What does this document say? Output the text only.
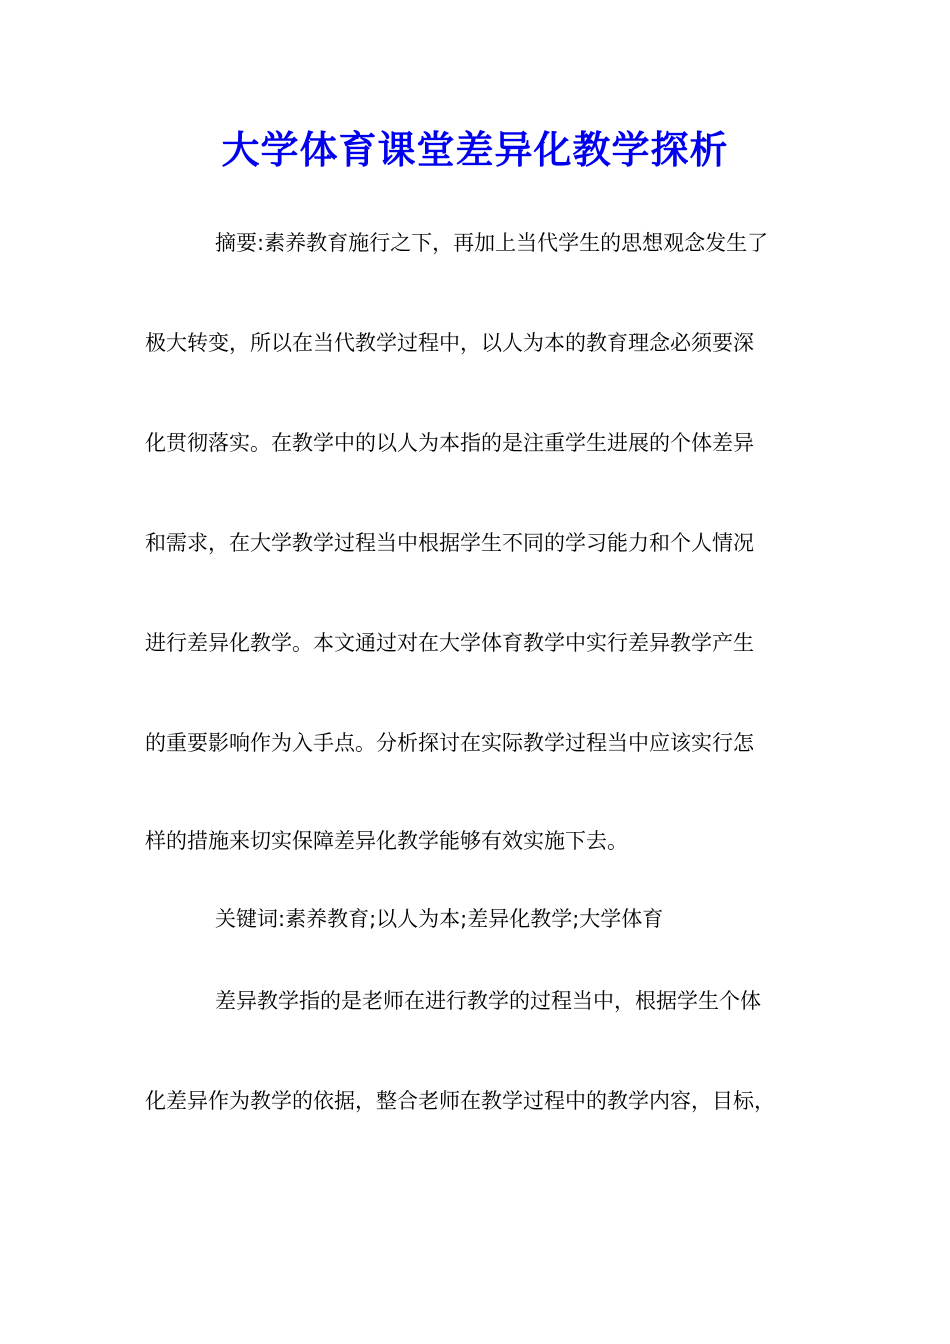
大学体育课堂差异化教学探析

摘要:素养教育施行之下，再加上当代学生的思想观念发生了

极大转变，所以在当代教学过程中，以人为本的教育理念必须要深

化贯彻落实。在教学中的以人为本指的是注重学生进展的个体差异

和需求，在大学教学过程当中根据学生不同的学习能力和个人情况

进行差异化教学。本文通过对在大学体育教学中实行差异教学产生

的重要影响作为入手点。分析探讨在实际教学过程当中应该实行怎

样的措施来切实保障差异化教学能够有效实施下去。

关键词:素养教育;以人为本;差异化教学;大学体育

差异教学指的是老师在进行教学的过程当中，根据学生个体

化差异作为教学的依据，整合老师在教学过程中的教学内容，目标，
